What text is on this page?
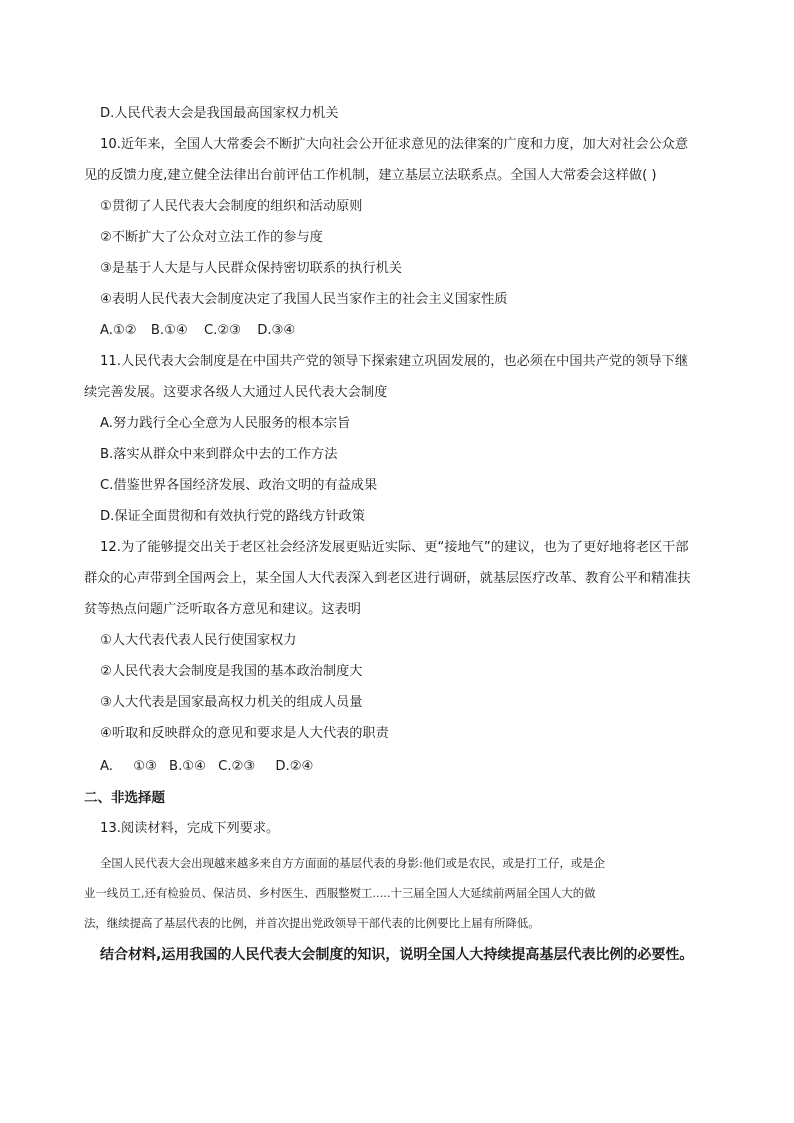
D.人民代表大会是我国最高国家权力机关
10.近年来，全国人大常委会不断扩大向社会公开征求意见的法律案的广度和力度，加大对社会公众意
见的反馈力度,建立健全法律出台前评估工作机制，建立基层立法联系点。全国人大常委会这样做( )
①贯彻了人民代表大会制度的组织和活动原则
②不断扩大了公众对立法工作的参与度
③是基于人大是与人民群众保持密切联系的执行机关
④表明人民代表大会制度决定了我国人民当家作主的社会主义国家性质
A.①② B.①④ C.②③ D.③④
11.人民代表大会制度是在中国共产党的领导下探索建立巩固发展的，也必须在中国共产党的领导下继
续完善发展。这要求各级人大通过人民代表大会制度
A.努力践行全心全意为人民服务的根本宗旨
B.落实从群众中来到群众中去的工作方法
C.借鉴世界各国经济发展、政治文明的有益成果
D.保证全面贯彻和有效执行党的路线方针政策
12.为了能够提交出关于老区社会经济发展更贴近实际、更“接地气”的建议，也为了更好地将老区干部
群众的心声带到全国两会上，某全国人大代表深入到老区进行调研，就基层医疗改革、教育公平和精准扶
贫等热点问题广泛听取各方意见和建议。这表明
①人大代表代表人民行使国家权力
②人民代表大会制度是我国的基本政治制度大
③人大代表是国家最高权力机关的组成人员量
④听取和反映群众的意见和要求是人大代表的职责
A. ①③ B.①④ C.②③ D.②④
二、非选择题
13.阅读材料，完成下列要求。
全国人民代表大会出现越来越多来自方方面面的基层代表的身影:他们或是农民，或是打工仔，或是企
业一线员工,还有检验员、保洁员、乡村医生、西服整熨工.....十三届全国人大延续前两届全国人大的做
法，继续提高了基层代表的比例，并首次提出党政领导干部代表的比例要比上届有所降低。
结合材料,运用我国的人民代表大会制度的知识，说明全国人大持续提高基层代表比例的必要性。
